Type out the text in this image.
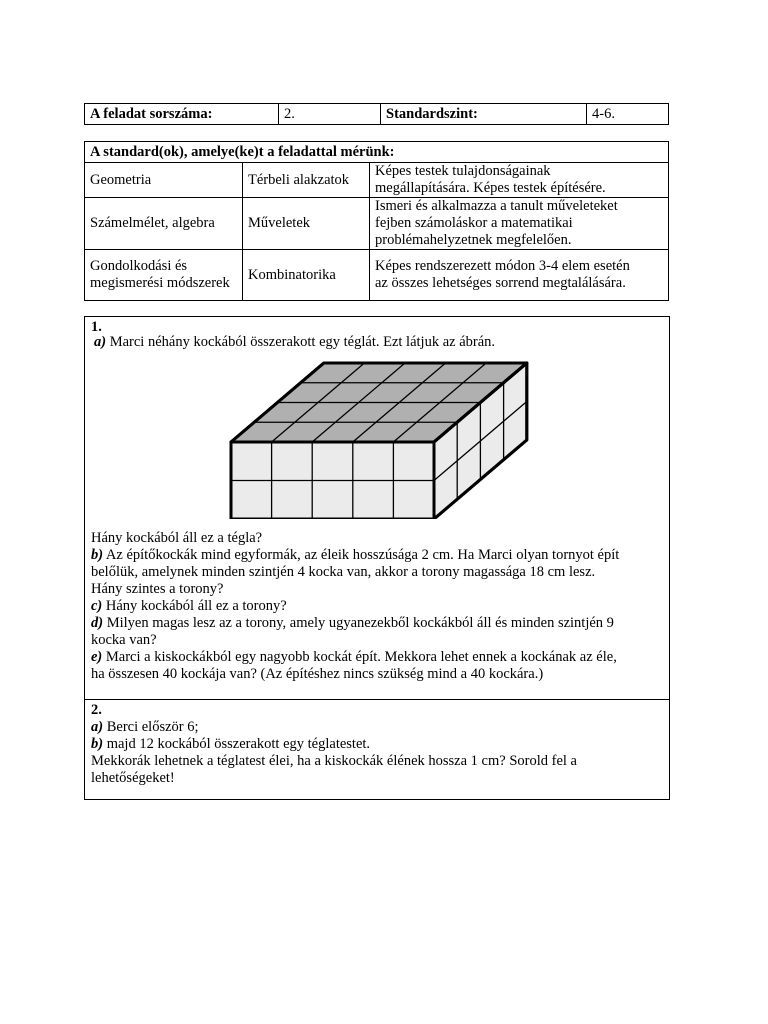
A feladat sorszáma:	2.	Standardszint:	4-6.
A standard(ok), amelye(ke)t a feladattal mérünk:		
Geometria	Térbeli alakzatok	Képes testek tulajdonságainak
megállapítására. Képes testek építésére.

Számelmélet, algebra	Műveletek	Ismeri és alkalmazza a tanult műveleteket
fejben számoláskor a matematikai
problémahelyzetnek megfelelően.

Gondolkodási és megismerési módszerek	Kombinatorika	Képes rendszerezett módon 3-4 elem esetén
az összes lehetséges sorrend megtalálására.
1.
a) Marci néhány kockából összerakott egy téglát. Ezt látjuk az ábrán.
Hány kockából áll ez a tégla?
b) Az építőkockák mind egyformák, az éleik hosszúsága 2 cm. Ha Marci olyan tornyot épít
belőlük, amelynek minden szintjén 4 kocka van, akkor a torony magassága 18 cm lesz.
Hány szintes a torony?
c) Hány kockából áll ez a torony?
d) Milyen magas lesz az a torony, amely ugyanezekből kockákból áll és minden szintjén 9
kocka van?
e) Marci a kiskockákból egy nagyobb kockát épít. Mekkora lehet ennek a kockának az éle,
ha összesen 40 kockája van? (Az építéshez nincs szükség mind a 40 kockára.)
2.
a) Berci először 6;
b) majd 12 kockából összerakott egy téglatestet.
Mekkorák lehetnek a téglatest élei, ha a kiskockák élének hossza 1 cm? Sorold fel a
lehetőségeket!
